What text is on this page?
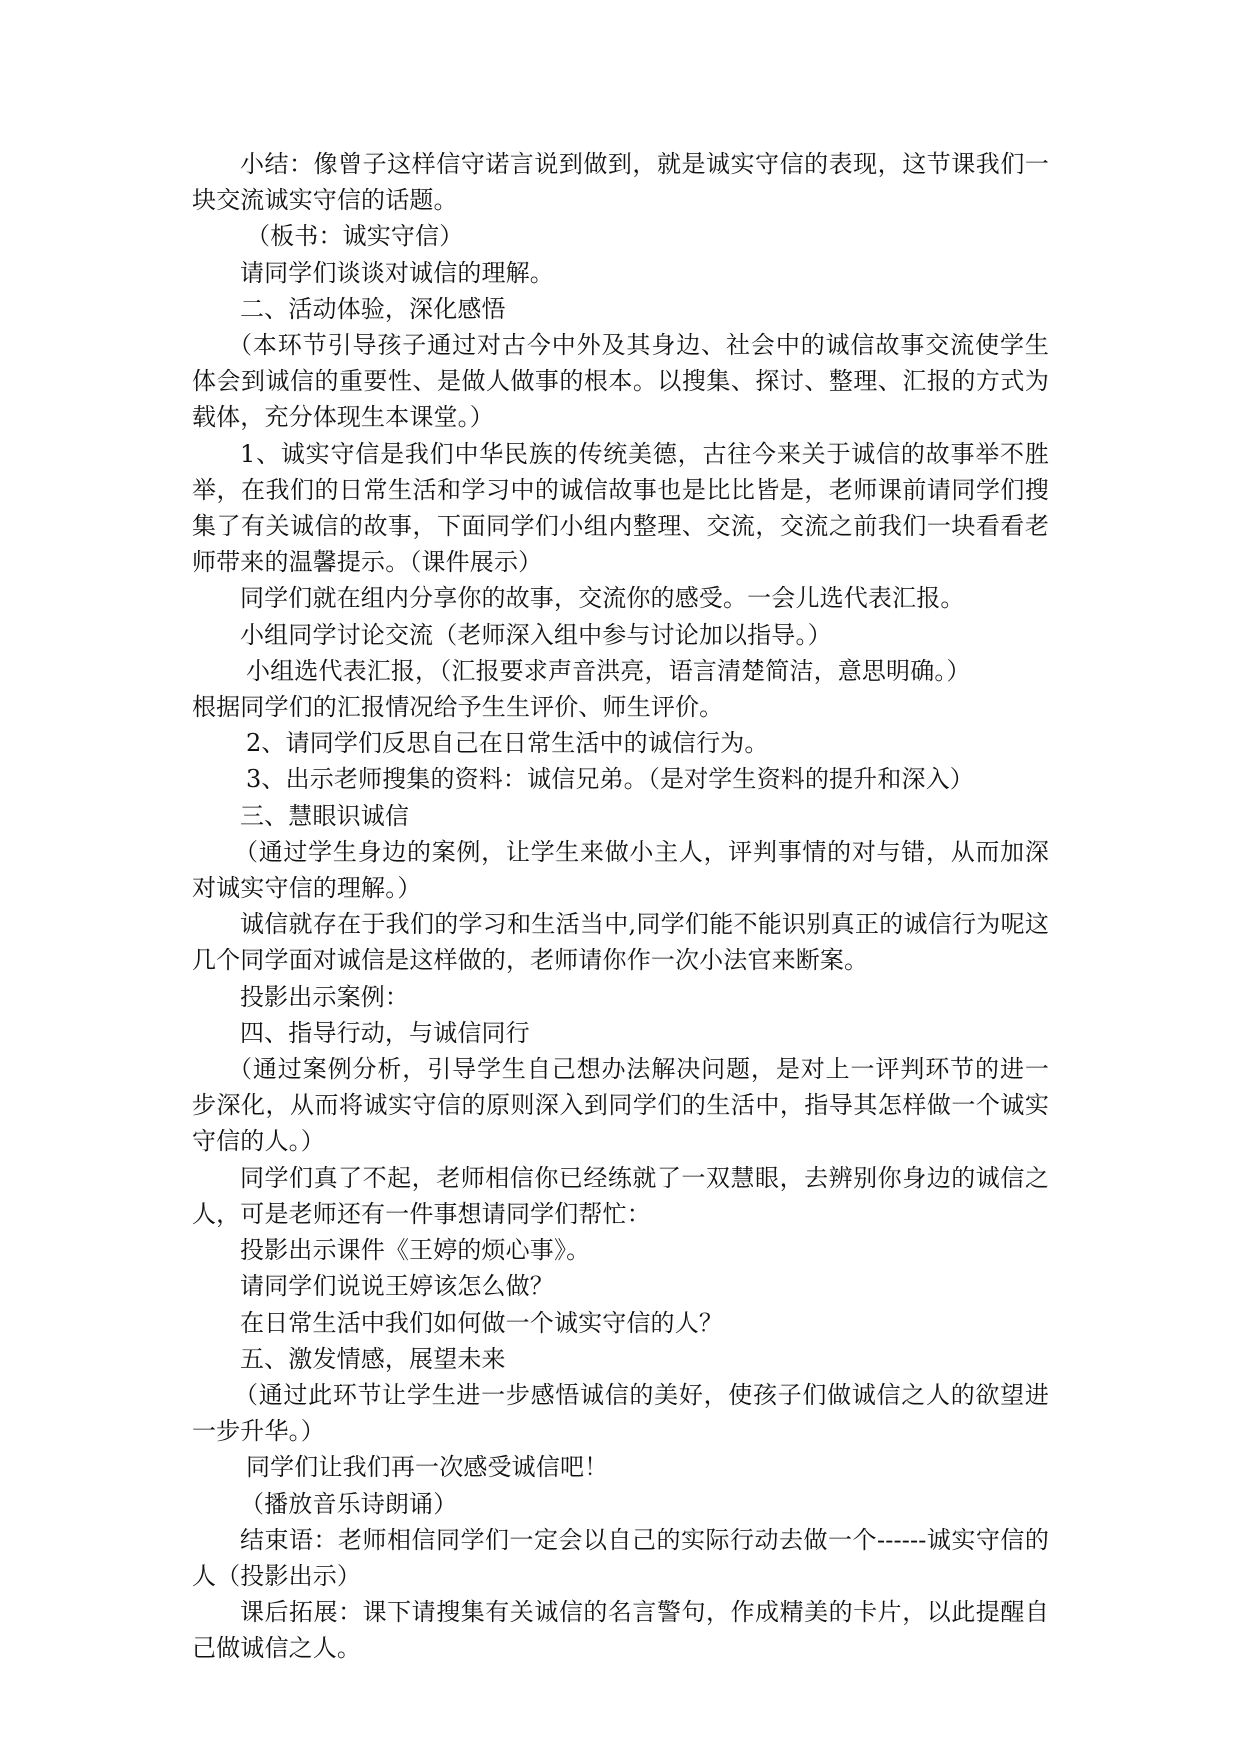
小结：像曾子这样信守诺言说到做到，就是诚实守信的表现，这节课我们一块交流诚实守信的话题。

（板书：诚实守信）

请同学们谈谈对诚信的理解。

二、活动体验，深化感悟

（本环节引导孩子通过对古今中外及其身边、社会中的诚信故事交流使学生体会到诚信的重要性、是做人做事的根本。以搜集、探讨、整理、汇报的方式为载体，充分体现生本课堂。）

1、诚实守信是我们中华民族的传统美德，古往今来关于诚信的故事举不胜举，在我们的日常生活和学习中的诚信故事也是比比皆是，老师课前请同学们搜集了有关诚信的故事，下面同学们小组内整理、交流，交流之前我们一块看看老师带来的温馨提示。（课件展示）

同学们就在组内分享你的故事，交流你的感受。一会儿选代表汇报。

小组同学讨论交流（老师深入组中参与讨论加以指导。）

小组选代表汇报，（汇报要求声音洪亮，语言清楚简洁，意思明确。）

根据同学们的汇报情况给予生生评价、师生评价。

2、请同学们反思自己在日常生活中的诚信行为。

3、出示老师搜集的资料：诚信兄弟。（是对学生资料的提升和深入）

三、慧眼识诚信

（通过学生身边的案例，让学生来做小主人，评判事情的对与错，从而加深对诚实守信的理解。）

诚信就存在于我们的学习和生活当中,同学们能不能识别真正的诚信行为呢这几个同学面对诚信是这样做的，老师请你作一次小法官来断案。

投影出示案例：

四、指导行动，与诚信同行

（通过案例分析，引导学生自己想办法解决问题，是对上一评判环节的进一步深化，从而将诚实守信的原则深入到同学们的生活中，指导其怎样做一个诚实守信的人。）

同学们真了不起，老师相信你已经练就了一双慧眼，去辨别你身边的诚信之人，可是老师还有一件事想请同学们帮忙：

投影出示课件《王婷的烦心事》。

请同学们说说王婷该怎么做？

在日常生活中我们如何做一个诚实守信的人？

五、激发情感，展望未来

（通过此环节让学生进一步感悟诚信的美好，使孩子们做诚信之人的欲望进一步升华。）

同学们让我们再一次感受诚信吧！

（播放音乐诗朗诵）

结束语：老师相信同学们一定会以自己的实际行动去做一个------诚实守信的人（投影出示）

课后拓展：课下请搜集有关诚信的名言警句，作成精美的卡片，以此提醒自己做诚信之人。
